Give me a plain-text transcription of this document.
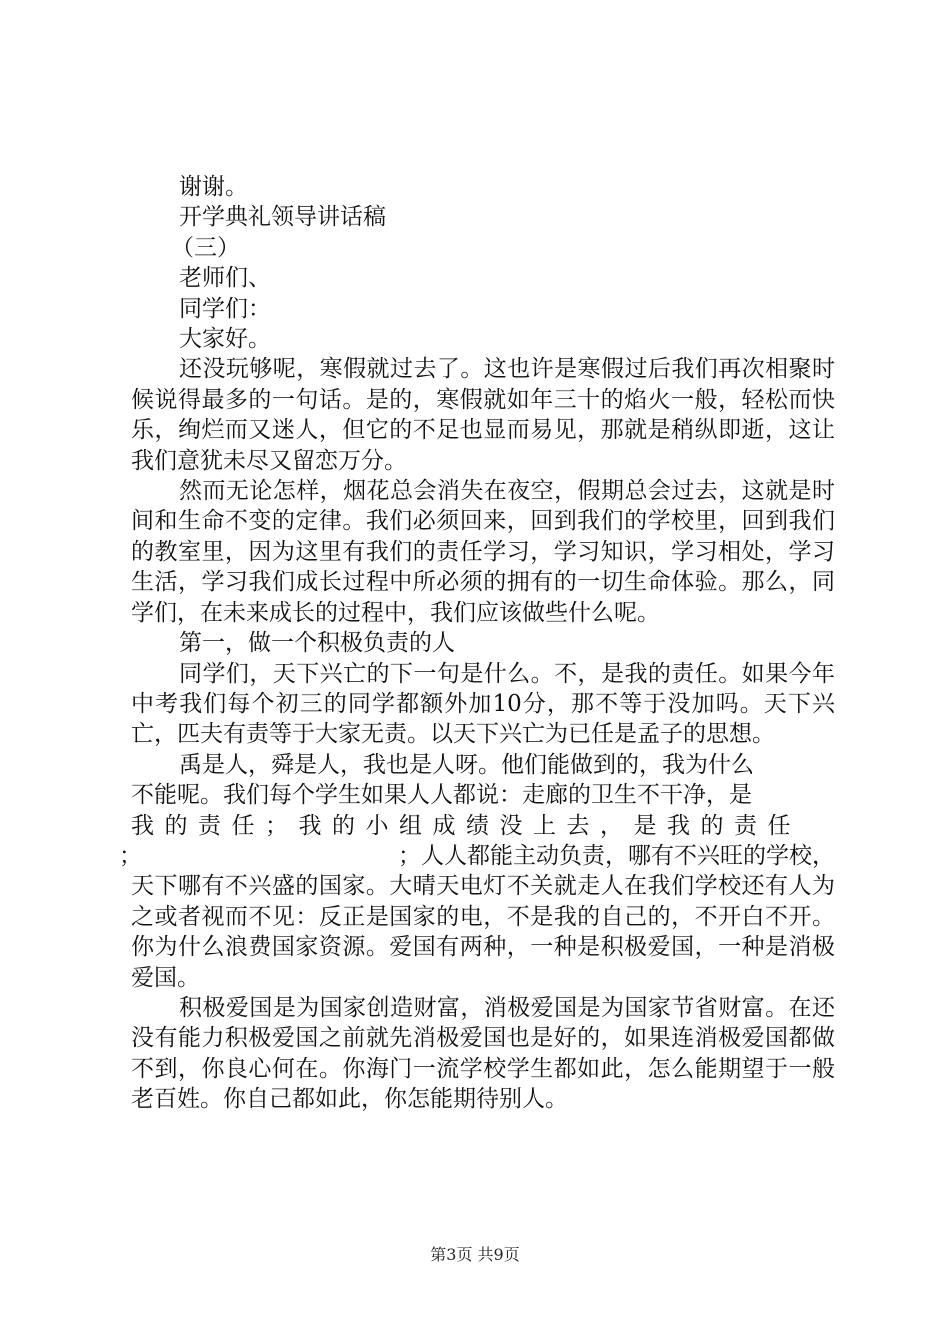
谢谢。

开学典礼领导讲话稿

（三）

老师们、

同学们：

大家好。

还没玩够呢，寒假就过去了。这也许是寒假过后我们再次相聚时候说得最多的一句话。是的，寒假就如年三十的焰火一般，轻松而快乐，绚烂而又迷人，但它的不足也显而易见，那就是稍纵即逝，这让我们意犹未尽又留恋万分。

然而无论怎样，烟花总会消失在夜空，假期总会过去，这就是时间和生命不变的定律。我们必须回来，回到我们的学校里，回到我们的教室里，因为这里有我们的责任学习，学习知识，学习相处，学习生活，学习我们成长过程中所必须的拥有的一切生命体验。那么，同学们，在未来成长的过程中，我们应该做些什么呢。

第一，做一个积极负责的人

同学们，天下兴亡的下一句是什么。不，是我的责任。如果今年中考我们每个初三的同学都额外加10分，那不等于没加吗。天下兴亡，匹夫有责等于大家无责。以天下兴亡为已任是孟子的思想。

禹是人，舜是人，我也是人呀。他们能做到的，我为什么

不能呢。我们每个学生如果人人都说：走廊的卫生不干净，是

我的责任；我的小组成绩没上去，是我的责任

；	；人人都能主动负责，哪有不兴旺的学校，

天下哪有不兴盛的国家。大晴天电灯不关就走人在我们学校还有人为之或者视而不见：反正是国家的电，不是我的自己的，不开白不开。你为什么浪费国家资源。爱国有两种，一种是积极爱国，一种是消极爱国。

积极爱国是为国家创造财富，消极爱国是为国家节省财富。在还没有能力积极爱国之前就先消极爱国也是好的，如果连消极爱国都做不到，你良心何在。你海门一流学校学生都如此，怎么能期望于一般老百姓。你自己都如此，你怎能期待别人。

第3页 共9页
